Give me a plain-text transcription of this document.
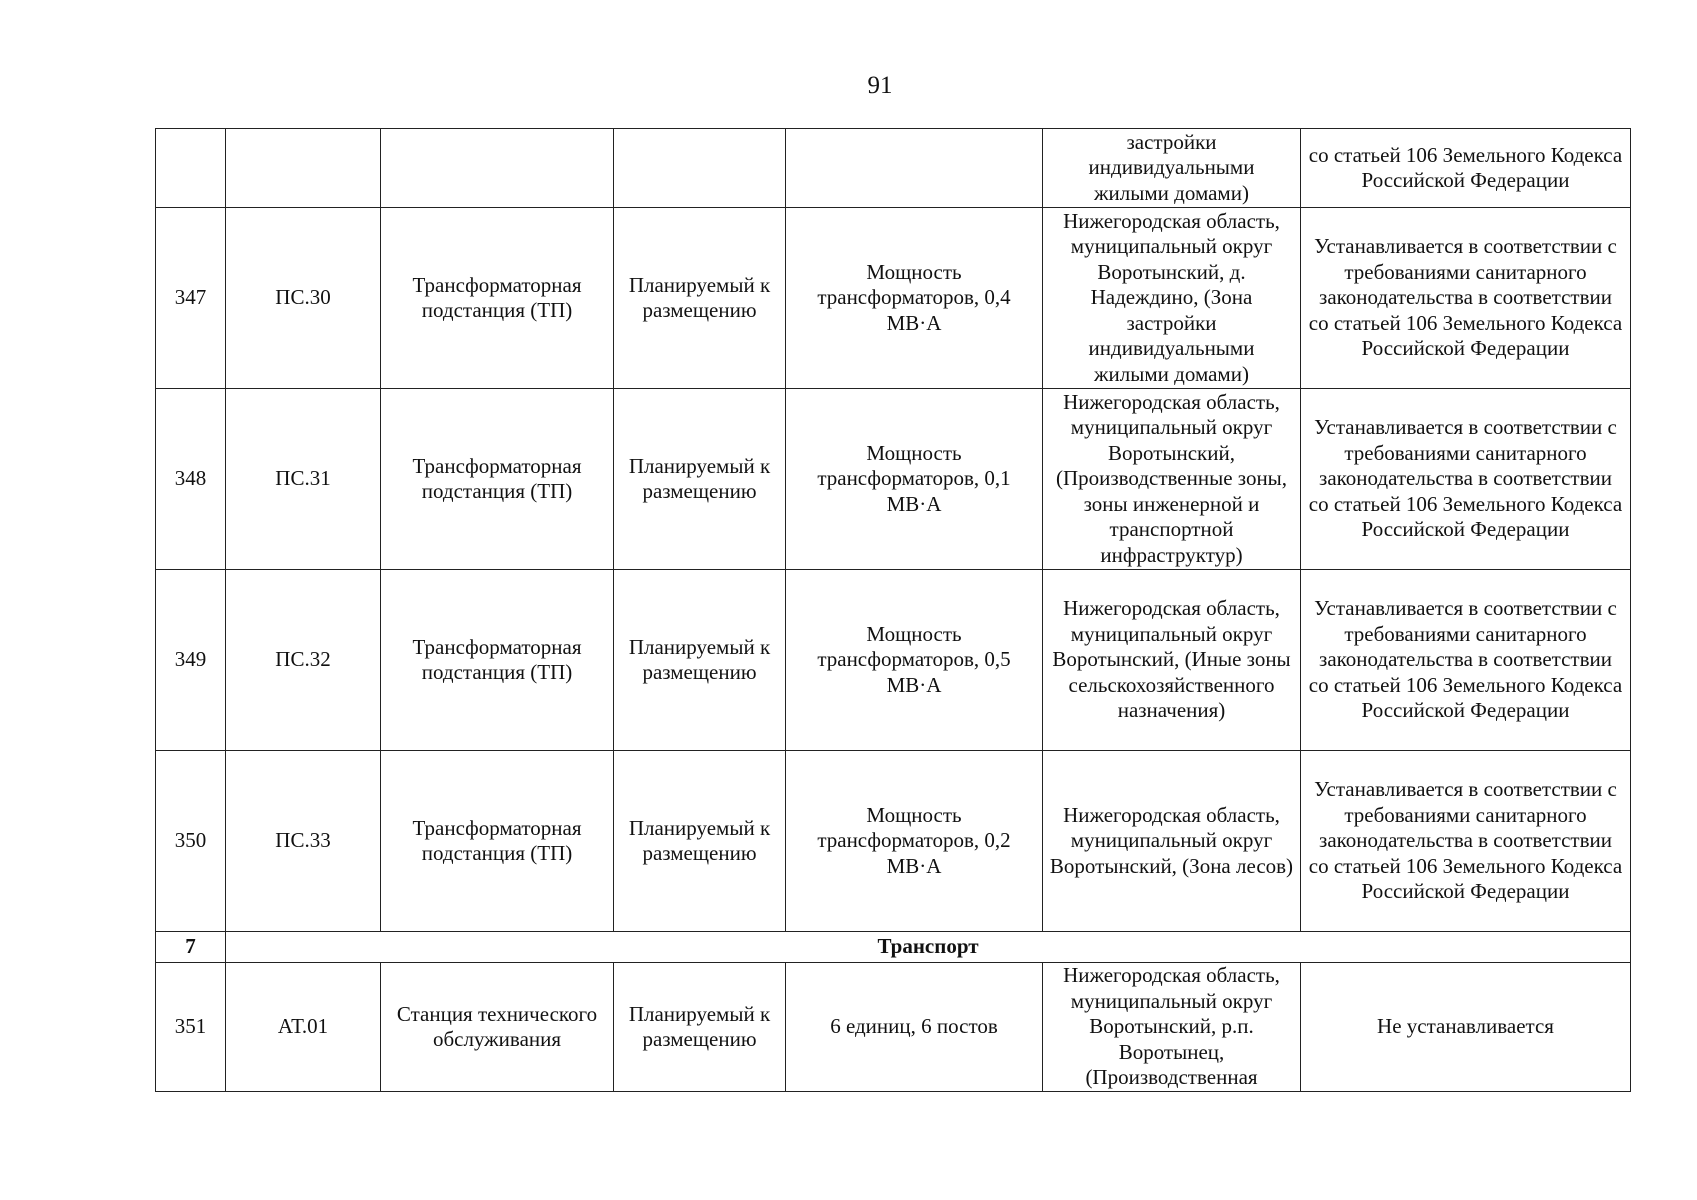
91
					застройки индивидуальными жилыми домами)	со статьей 106 Земельного Кодекса Российской Федерации
347	ПС.30	Трансформаторная подстанция (ТП)	Планируемый к размещению	Мощность трансформаторов, 0,4 МВ·А	Нижегородская область, муниципальный округ Воротынский, д. Надеждино, (Зона застройки индивидуальными жилыми домами)	Устанавливается в соответствии с требованиями санитарного законодательства в соответствии со статьей 106 Земельного Кодекса Российской Федерации
348	ПС.31	Трансформаторная подстанция (ТП)	Планируемый к размещению	Мощность трансформаторов, 0,1 МВ·А	Нижегородская область, муниципальный округ Воротынский, (Производственные зоны, зоны инженерной и транспортной инфраструктур)	Устанавливается в соответствии с требованиями санитарного законодательства в соответствии со статьей 106 Земельного Кодекса Российской Федерации
349	ПС.32	Трансформаторная подстанция (ТП)	Планируемый к размещению	Мощность трансформаторов, 0,5 МВ·А	Нижегородская область, муниципальный округ Воротынский, (Иные зоны сельскохозяйственного назначения)	Устанавливается в соответствии с требованиями санитарного законодательства в соответствии со статьей 106 Земельного Кодекса Российской Федерации
350	ПС.33	Трансформаторная подстанция (ТП)	Планируемый к размещению	Мощность трансформаторов, 0,2 МВ·А	Нижегородская область, муниципальный округ Воротынский, (Зона лесов)	Устанавливается в соответствии с требованиями санитарного законодательства в соответствии со статьей 106 Земельного Кодекса Российской Федерации
7	Транспорт					
351	АТ.01	Станция технического обслуживания	Планируемый к размещению	6 единиц, 6 постов	Нижегородская область, муниципальный округ Воротынский, р.п. Воротынец, (Производственная	Не устанавливается
